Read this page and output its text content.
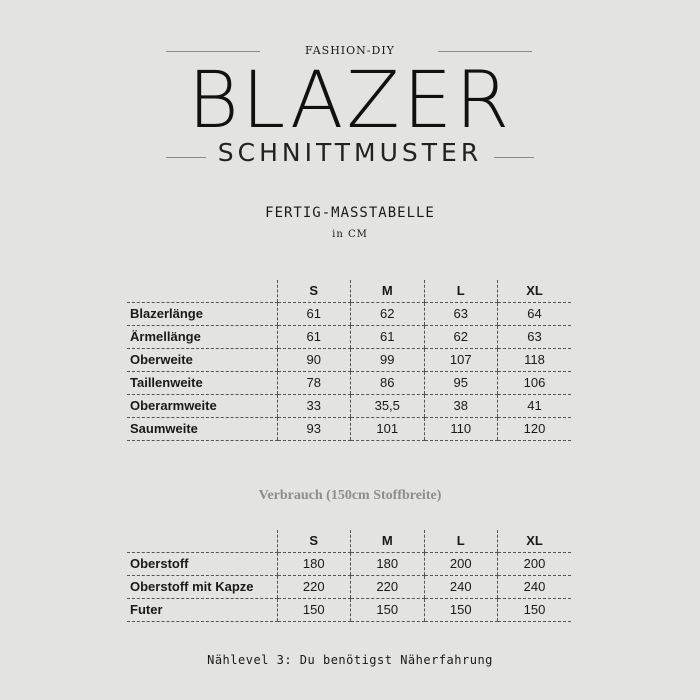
FASHION-DIY
BLAZER
SCHNITTMUSTER
FERTIG-MASSTABELLE
in CM
	S	M	L	XL
Blazerlänge	61	62	63	64
Ärmellänge	61	61	62	63
Oberweite	90	99	107	118
Taillenweite	78	86	95	106
Oberarmweite	33	35,5	38	41
Saumweite	93	101	110	120
Verbrauch (150cm Stoffbreite)
	S	M	L	XL
Oberstoff	180	180	200	200
Oberstoff mit Kapze	220	220	240	240
Futer	150	150	150	150
Nählevel 3: Du benötigst Näherfahrung
